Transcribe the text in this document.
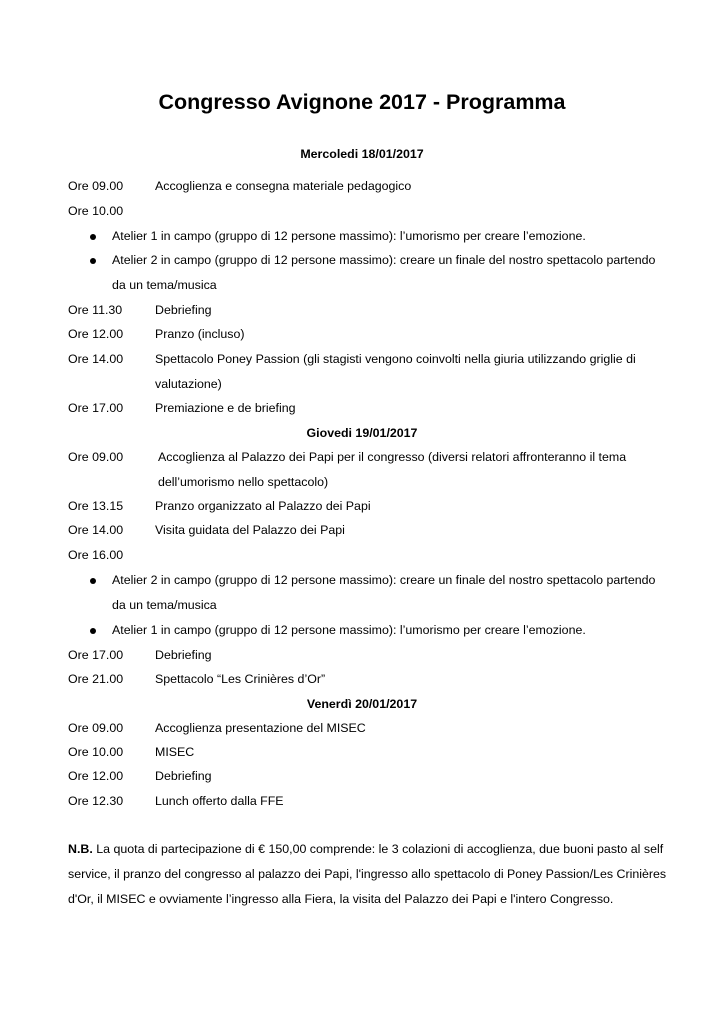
Congresso Avignone 2017 - Programma
Mercoledi 18/01/2017
Ore 09.00	Accoglienza e consegna materiale pedagogico
Ore 10.00
Atelier 1 in campo (gruppo di 12 persone massimo): l’umorismo per creare l’emozione.
Atelier 2 in campo (gruppo di 12 persone massimo): creare un finale del nostro spettacolo partendo
da un tema/musica
Ore 11.30	Debriefing
Ore 12.00	Pranzo (incluso)
Ore 14.00	Spettacolo Poney Passion (gli stagisti vengono coinvolti nella giuria utilizzando griglie di
valutazione)
Ore 17.00	Premiazione e de briefing
Giovedi 19/01/2017
Ore 09.00	Accoglienza al Palazzo dei Papi per il congresso (diversi relatori affronteranno il tema
dell’umorismo nello spettacolo)
Ore 13.15	Pranzo organizzato al Palazzo dei Papi
Ore 14.00	Visita guidata del Palazzo dei Papi
Ore 16.00
Atelier 2 in campo (gruppo di 12 persone massimo): creare un finale del nostro spettacolo partendo
da un tema/musica
Atelier 1 in campo (gruppo di 12 persone massimo): l’umorismo per creare l’emozione.
Ore 17.00	Debriefing
Ore 21.00	Spettacolo “Les Crinières d’Or”
Venerdì 20/01/2017
Ore 09.00	Accoglienza presentazione del MISEC
Ore 10.00	MISEC
Ore 12.00	Debriefing
Ore 12.30	Lunch offerto dalla FFE
N.B. La quota di partecipazione di € 150,00 comprende: le 3 colazioni di accoglienza, due buoni pasto al self
service, il pranzo del congresso al palazzo dei Papi, l'ingresso allo spettacolo di Poney Passion/Les Crinières
d'Or, il MISEC e ovviamente l’ingresso alla Fiera, la visita del Palazzo dei Papi e l'intero Congresso.
